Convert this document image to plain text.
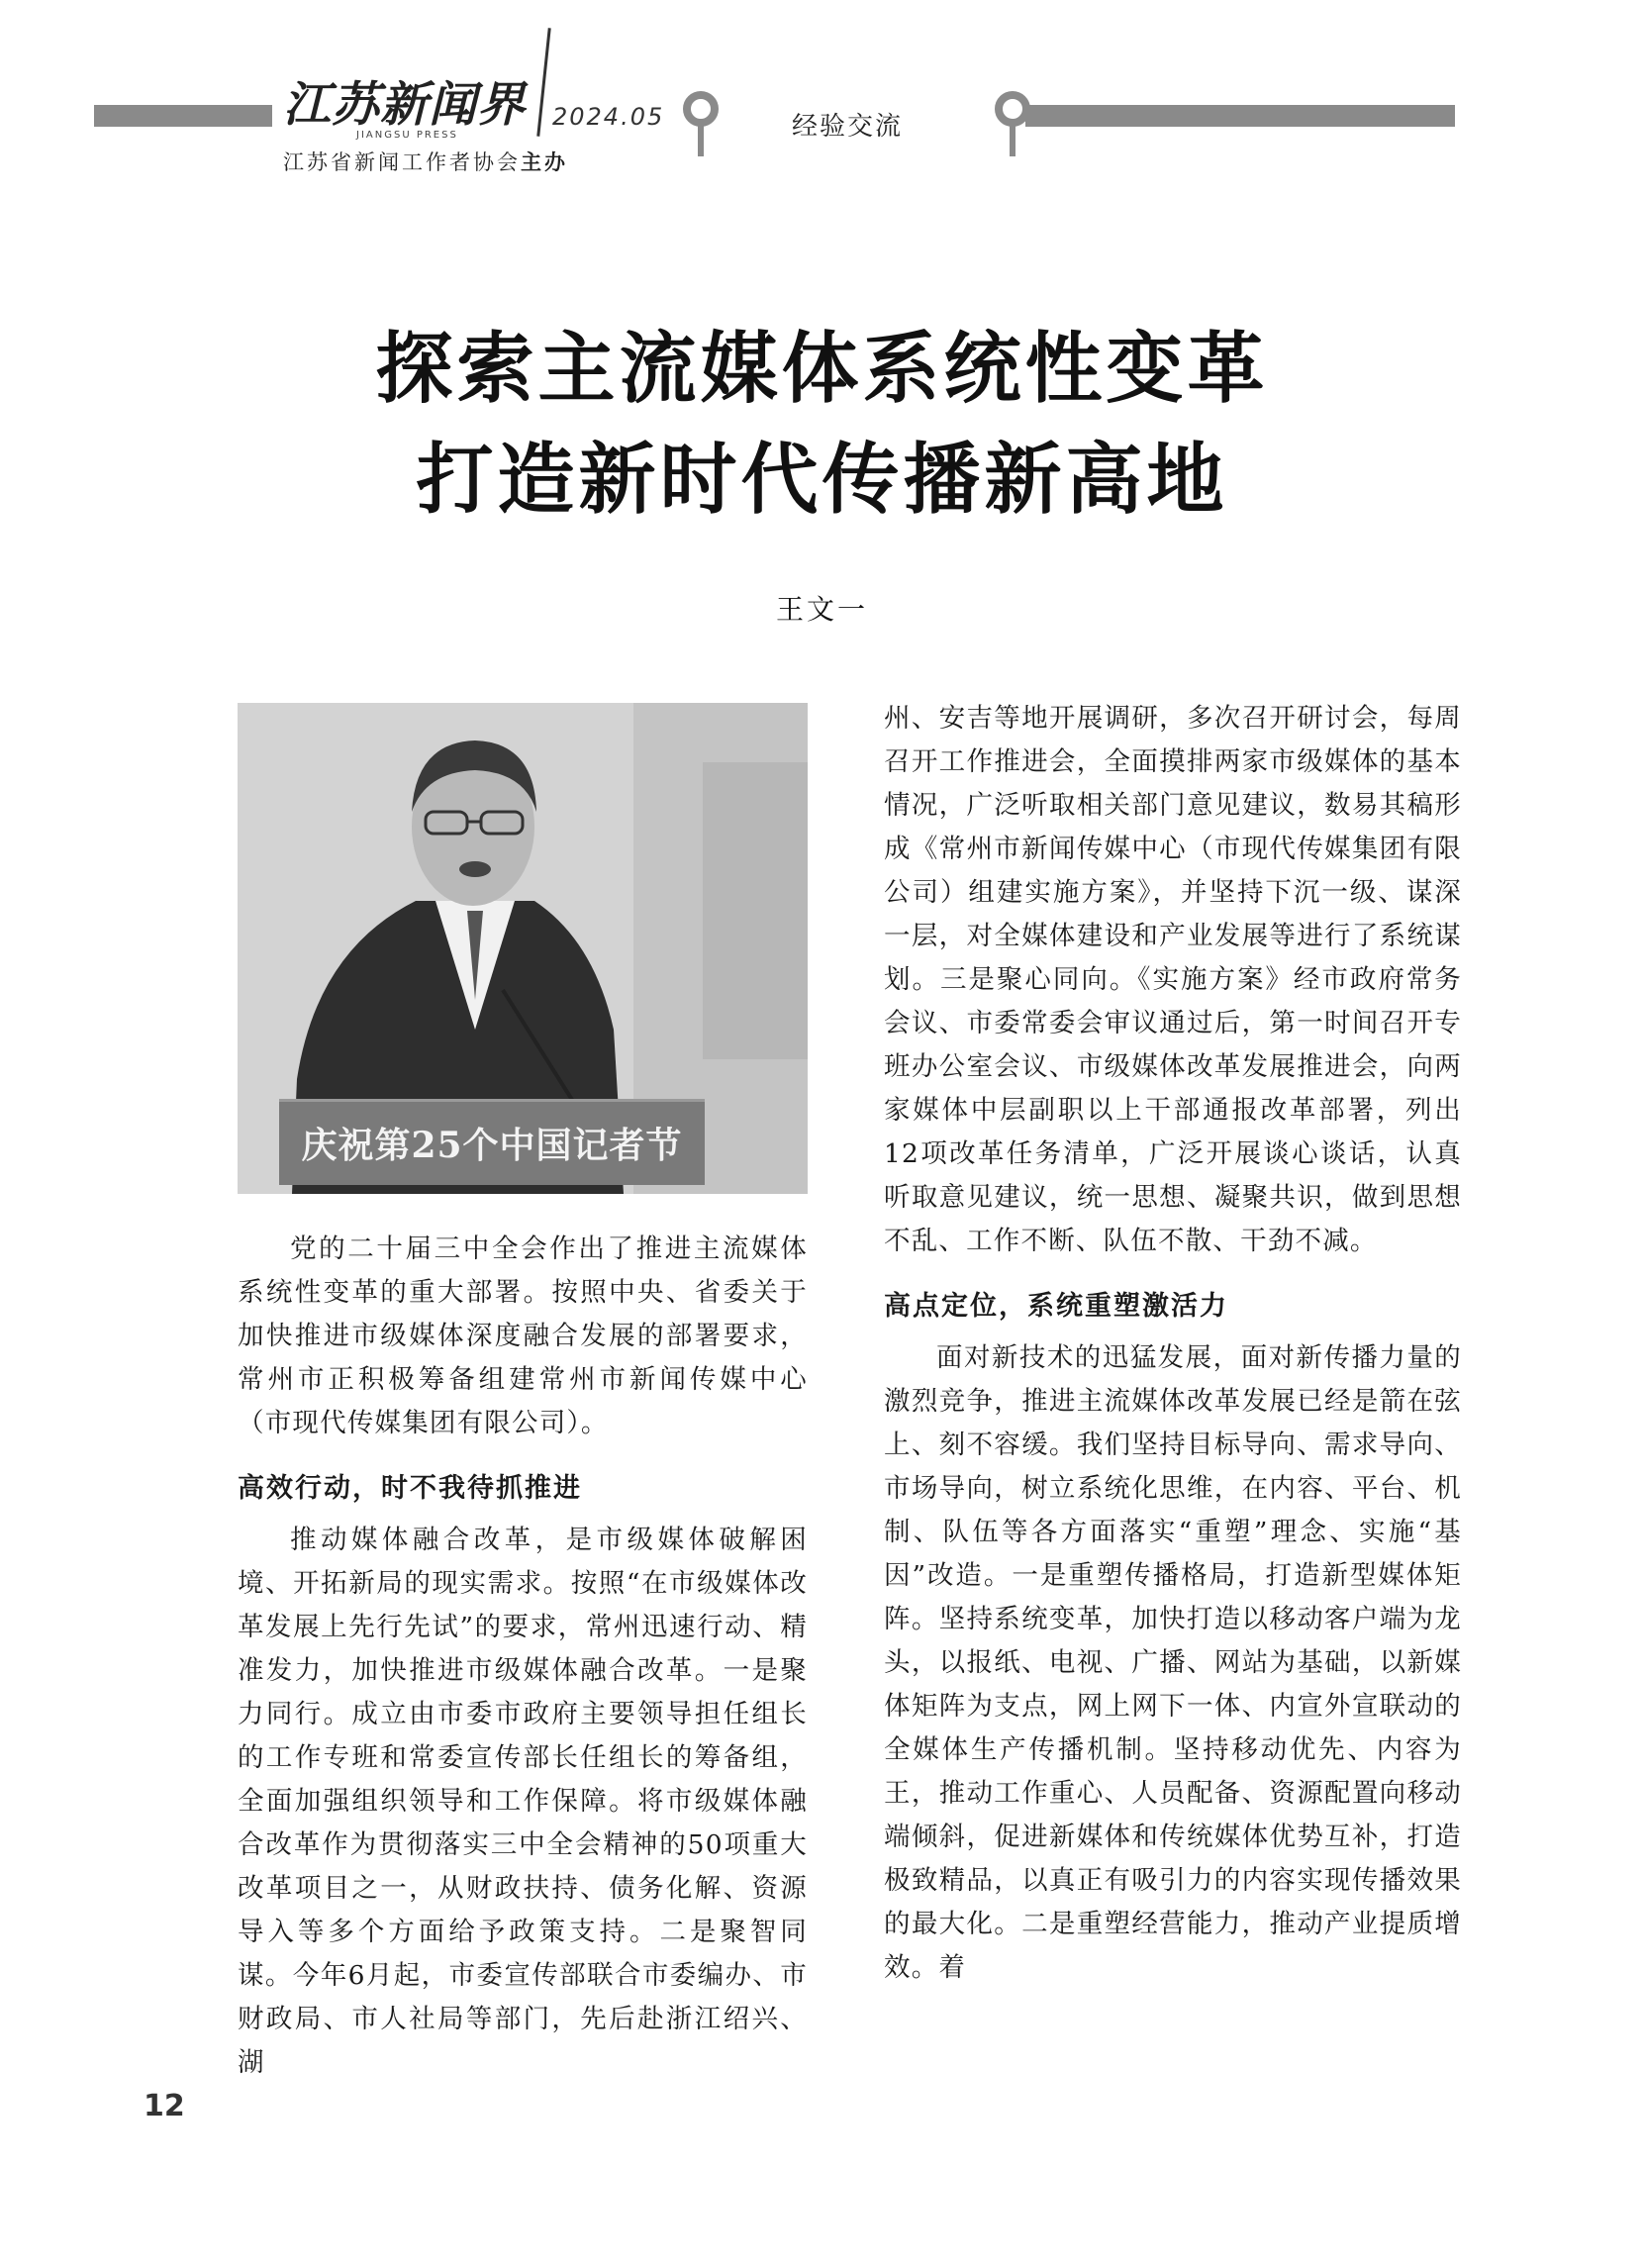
江苏新闻界
JIANGSU PRESS
2024.05
江苏省新闻工作者协会主办
经验交流
探索主流媒体系统性变革
打造新时代传播新高地
王文一
庆祝第25个中国记者节

党的二十届三中全会作出了推进主流媒体系统性变革的重大部署。按照中央、省委关于加快推进市级媒体深度融合发展的部署要求，常州市正积极筹备组建常州市新闻传媒中心（市现代传媒集团有限公司）。

高效行动，时不我待抓推进

推动媒体融合改革，是市级媒体破解困境、开拓新局的现实需求。按照“在市级媒体改革发展上先行先试”的要求，常州迅速行动、精准发力，加快推进市级媒体融合改革。一是聚力同行。成立由市委市政府主要领导担任组长的工作专班和常委宣传部长任组长的筹备组，全面加强组织领导和工作保障。将市级媒体融合改革作为贯彻落实三中全会精神的50项重大改革项目之一，从财政扶持、债务化解、资源导入等多个方面给予政策支持。二是聚智同谋。今年6月起，市委宣传部联合市委编办、市财政局、市人社局等部门，先后赴浙江绍兴、湖

州、安吉等地开展调研，多次召开研讨会，每周召开工作推进会，全面摸排两家市级媒体的基本情况，广泛听取相关部门意见建议，数易其稿形成《常州市新闻传媒中心（市现代传媒集团有限公司）组建实施方案》，并坚持下沉一级、谋深一层，对全媒体建设和产业发展等进行了系统谋划。三是聚心同向。《实施方案》经市政府常务会议、市委常委会审议通过后，第一时间召开专班办公室会议、市级媒体改革发展推进会，向两家媒体中层副职以上干部通报改革部署，列出12项改革任务清单，广泛开展谈心谈话，认真听取意见建议，统一思想、凝聚共识，做到思想不乱、工作不断、队伍不散、干劲不减。

高点定位，系统重塑激活力

面对新技术的迅猛发展，面对新传播力量的激烈竞争，推进主流媒体改革发展已经是箭在弦上、刻不容缓。我们坚持目标导向、需求导向、市场导向，树立系统化思维，在内容、平台、机制、队伍等各方面落实“重塑”理念、实施“基因”改造。一是重塑传播格局，打造新型媒体矩阵。坚持系统变革，加快打造以移动客户端为龙头，以报纸、电视、广播、网站为基础，以新媒体矩阵为支点，网上网下一体、内宣外宣联动的全媒体生产传播机制。坚持移动优先、内容为王，推动工作重心、人员配备、资源配置向移动端倾斜，促进新媒体和传统媒体优势互补，打造极致精品，以真正有吸引力的内容实现传播效果的最大化。二是重塑经营能力，推动产业提质增效。着

12
